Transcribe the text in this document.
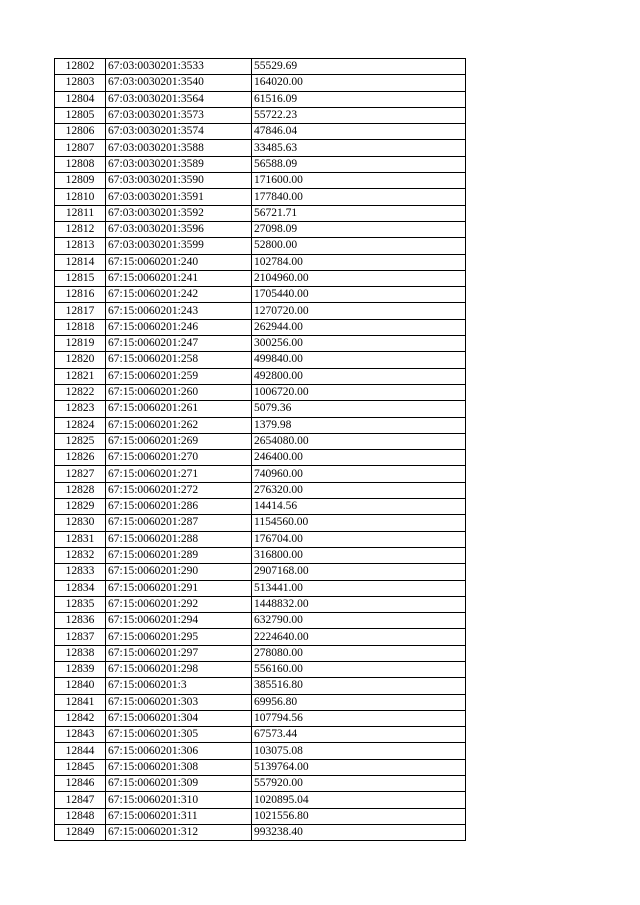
12802	67:03:0030201:3533	55529.69
12803	67:03:0030201:3540	164020.00
12804	67:03:0030201:3564	61516.09
12805	67:03:0030201:3573	55722.23
12806	67:03:0030201:3574	47846.04
12807	67:03:0030201:3588	33485.63
12808	67:03:0030201:3589	56588.09
12809	67:03:0030201:3590	171600.00
12810	67:03:0030201:3591	177840.00
12811	67:03:0030201:3592	56721.71
12812	67:03:0030201:3596	27098.09
12813	67:03:0030201:3599	52800.00
12814	67:15:0060201:240	102784.00
12815	67:15:0060201:241	2104960.00
12816	67:15:0060201:242	1705440.00
12817	67:15:0060201:243	1270720.00
12818	67:15:0060201:246	262944.00
12819	67:15:0060201:247	300256.00
12820	67:15:0060201:258	499840.00
12821	67:15:0060201:259	492800.00
12822	67:15:0060201:260	1006720.00
12823	67:15:0060201:261	5079.36
12824	67:15:0060201:262	1379.98
12825	67:15:0060201:269	2654080.00
12826	67:15:0060201:270	246400.00
12827	67:15:0060201:271	740960.00
12828	67:15:0060201:272	276320.00
12829	67:15:0060201:286	14414.56
12830	67:15:0060201:287	1154560.00
12831	67:15:0060201:288	176704.00
12832	67:15:0060201:289	316800.00
12833	67:15:0060201:290	2907168.00
12834	67:15:0060201:291	513441.00
12835	67:15:0060201:292	1448832.00
12836	67:15:0060201:294	632790.00
12837	67:15:0060201:295	2224640.00
12838	67:15:0060201:297	278080.00
12839	67:15:0060201:298	556160.00
12840	67:15:0060201:3	385516.80
12841	67:15:0060201:303	69956.80
12842	67:15:0060201:304	107794.56
12843	67:15:0060201:305	67573.44
12844	67:15:0060201:306	103075.08
12845	67:15:0060201:308	5139764.00
12846	67:15:0060201:309	557920.00
12847	67:15:0060201:310	1020895.04
12848	67:15:0060201:311	1021556.80
12849	67:15:0060201:312	993238.40
